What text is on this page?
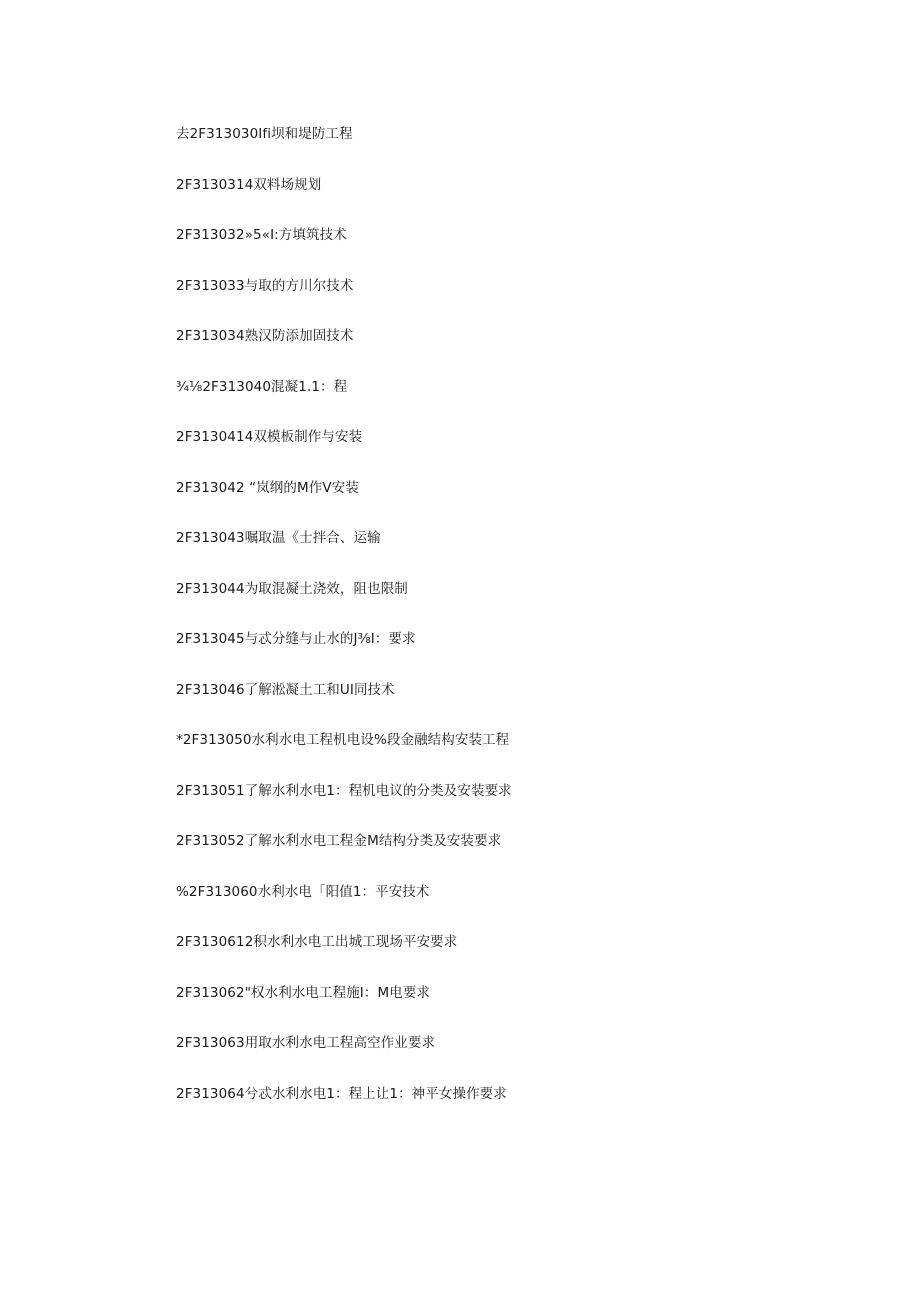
去2F313030Ifi坝和堤防工程
2F3130314双料场规划
2F313032»5«I:方填筑技术
2F313033与取的方川尔技术
2F313034熟汉防添加固技术
¾⅛2F313040混凝1.1：程
2F3130414双模板制作与安装
2F313042 “岚纲的M作V安装
2F313043嘱取温《士拌合、运输
2F313044为取混凝土浇效，阻也限制
2F313045与忒分缝与止水的J⅜I：要求
2F313046了解淞凝土工和UI同技术
*2F313050水利水电工程机电设%段金融结构安装工程
2F313051了解水利水电1：程机电议的分类及安装要求
2F313052了解水利水电工程金M结构分类及安装要求
%2F313060水利水电「阳值1：平安技术
2F3130612积水利水电工出城工现场平安要求
2F313062"权水利水电工程施I：M电要求
2F313063用取水利水电工程高空作业要求
2F313064兮忒水利水电1：程上让1：神平女操作要求
